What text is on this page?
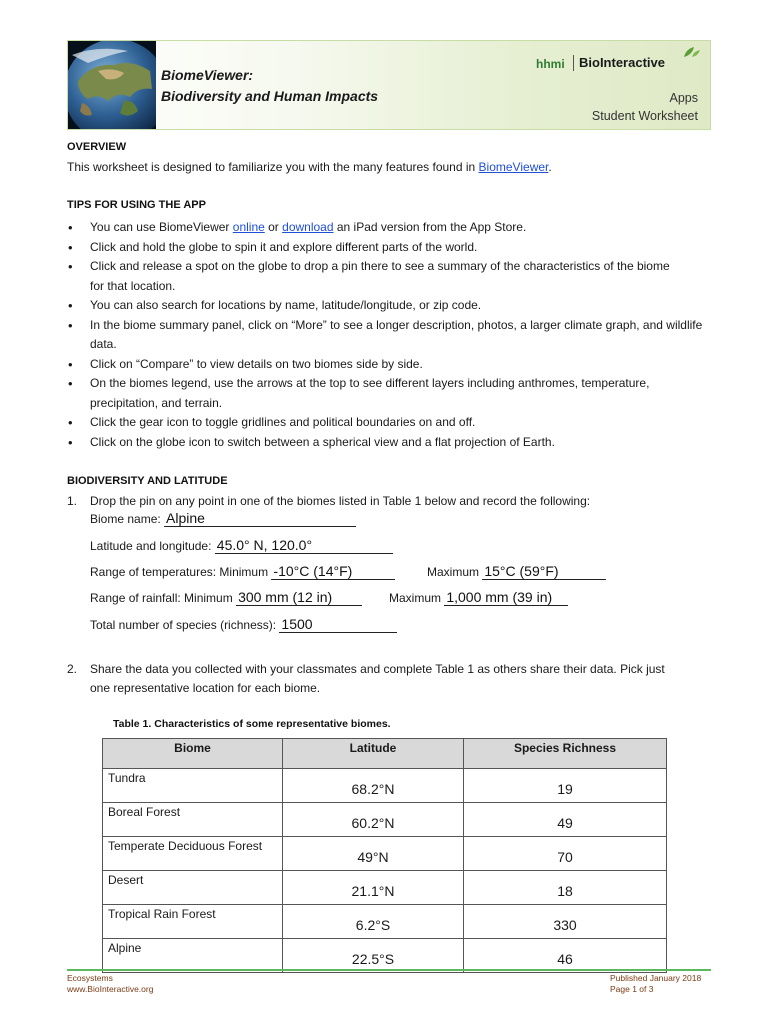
BiomeViewer:
Biodiversity and Human Impacts
hhmi BioInteractive
Apps
Student Worksheet
OVERVIEW
This worksheet is designed to familiarize you with the many features found in BiomeViewer.
TIPS FOR USING THE APP
• You can use BiomeViewer online or download an iPad version from the App Store.
• Click and hold the globe to spin it and explore different parts of the world.
• Click and release a spot on the globe to drop a pin there to see a summary of the characteristics of the biome for that location.
• You can also search for locations by name, latitude/longitude, or zip code.
• In the biome summary panel, click on “More” to see a longer description, photos, a larger climate graph, and wildlife data.
• Click on “Compare” to view details on two biomes side by side.
• On the biomes legend, use the arrows at the top to see different layers including anthromes, temperature, precipitation, and terrain.
• Click the gear icon to toggle gridlines and political boundaries on and off.
• Click on the globe icon to switch between a spherical view and a flat projection of Earth.
BIODIVERSITY AND LATITUDE
1. Drop the pin on any point in one of the biomes listed in Table 1 below and record the following:
Biome name: Alpine
Latitude and longitude: 45.0° N, 120.0°
Range of temperatures: Minimum -10°C (14°F)	Maximum 15°C (59°F)
Range of rainfall: Minimum 300 mm (12 in)	Maximum 1,000 mm (39 in)
Total number of species (richness): 1500
2. Share the data you collected with your classmates and complete Table 1 as others share their data. Pick just
one representative location for each biome.
Table 1. Characteristics of some representative biomes.
Biome	Latitude	Species Richness
Tundra	68.2°N	19
Boreal Forest	60.2°N	49
Temperate Deciduous Forest	49°N	70
Desert	21.1°N	18
Tropical Rain Forest	6.2°S	330
Alpine	22.5°S	46
Ecosystems
www.BioInteractive.org
Published January 2018
Page 1 of 3
